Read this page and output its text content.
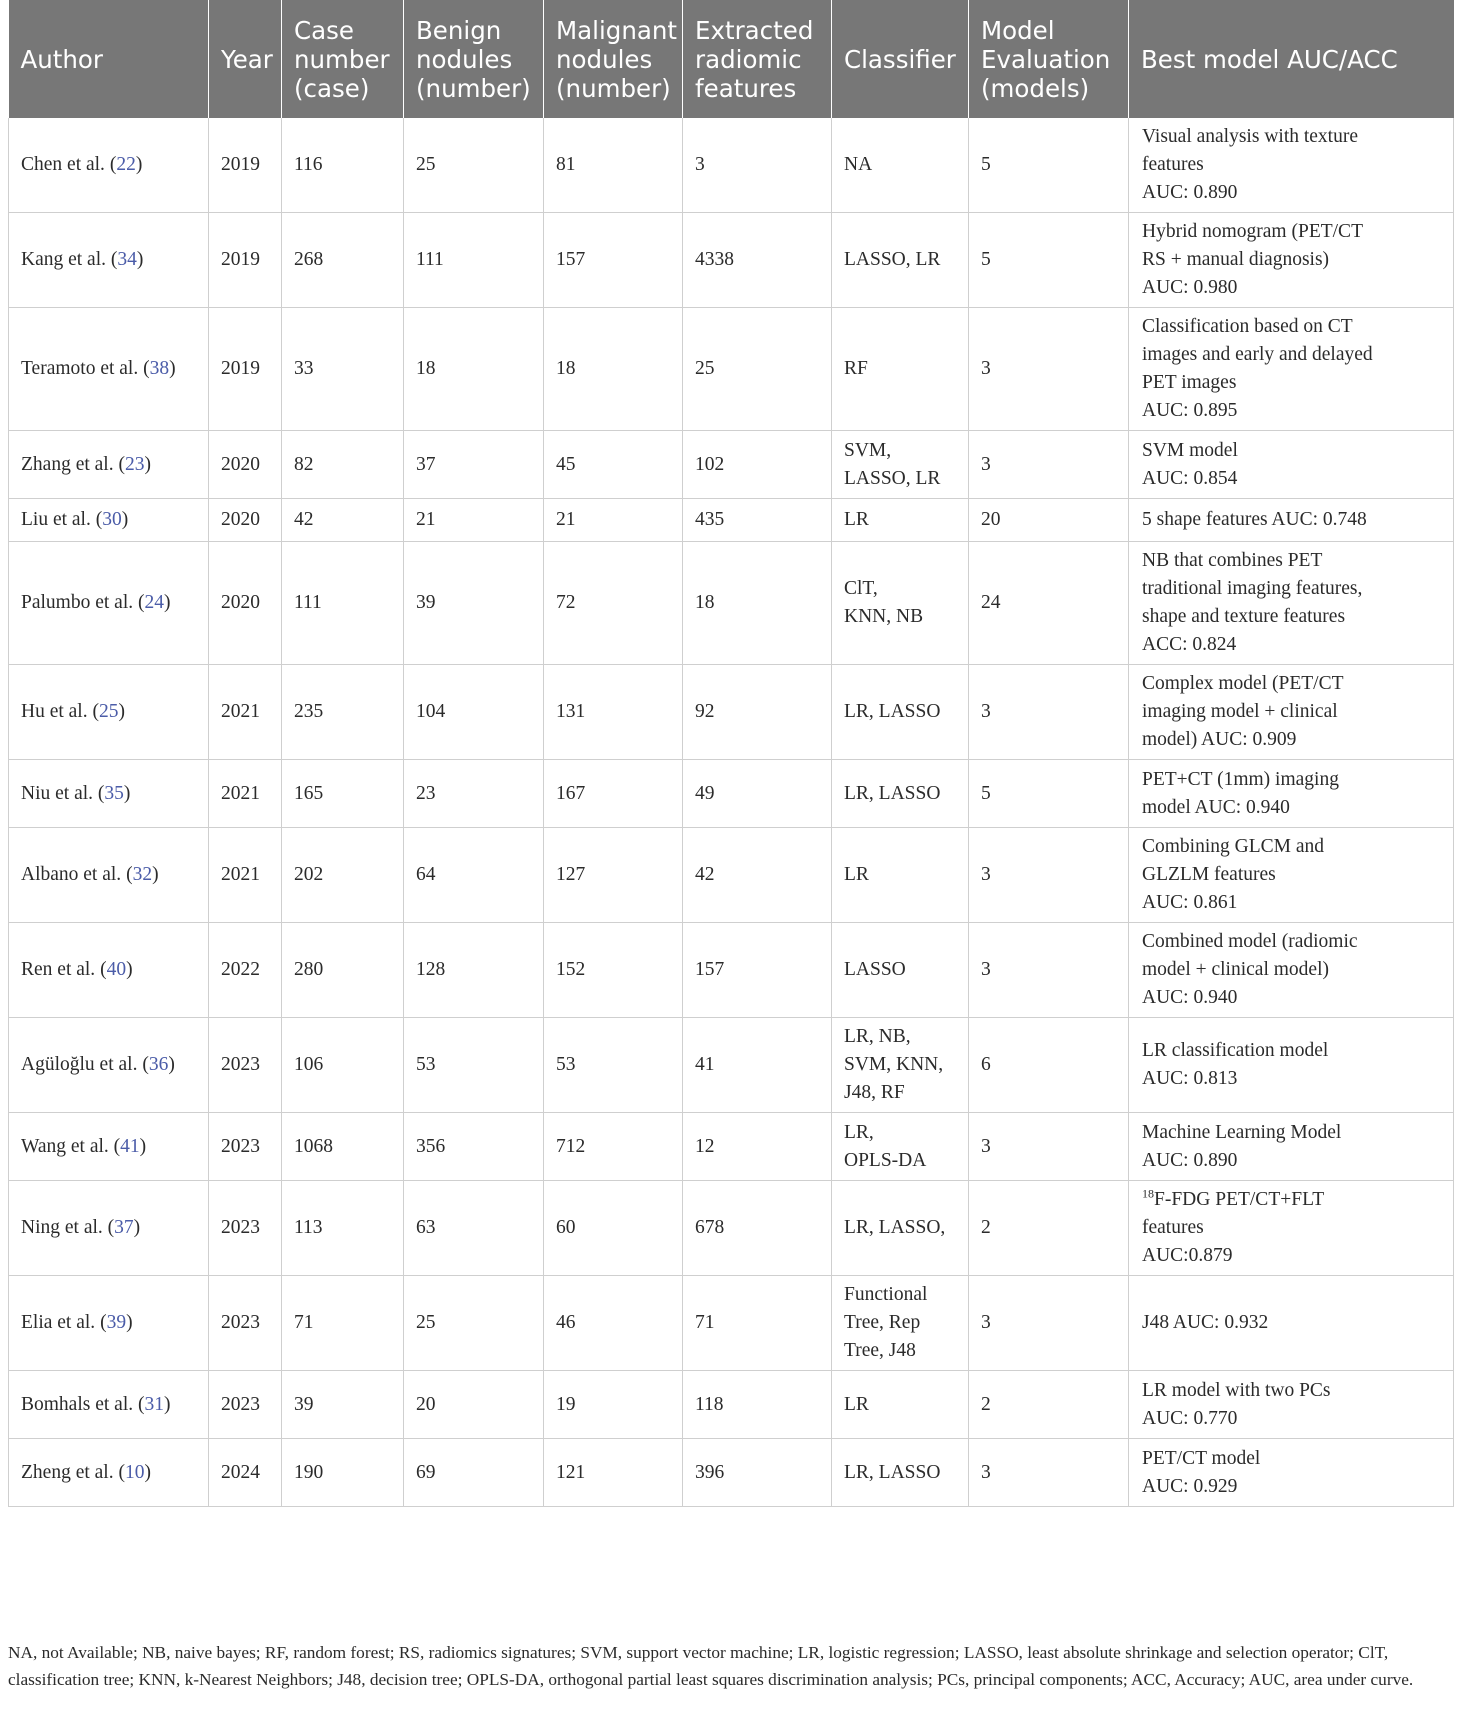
Author	Year	Case number (case)	Benign nodules (number)	Malignant nodules (number)	Extracted radiomic features	Classifier	Model Evaluation (models)	Best model AUC/ACC
Chen et al. (22)	2019	116	25	81	3	NA	5	Visual analysis with texture
features
AUC: 0.890
Kang et al. (34)	2019	268	111	157	4338	LASSO, LR	5	Hybrid nomogram (PET/CT
RS + manual diagnosis)
AUC: 0.980
Teramoto et al. (38)	2019	33	18	18	25	RF	3	Classification based on CT
images and early and delayed
PET images
AUC: 0.895
Zhang et al. (23)	2020	82	37	45	102	SVM,
LASSO, LR	3	SVM model
AUC: 0.854
Liu et al. (30)	2020	42	21	21	435	LR	20	5 shape features AUC: 0.748
Palumbo et al. (24)	2020	111	39	72	18	ClT,
KNN, NB	24	NB that combines PET
traditional imaging features,
shape and texture features
ACC: 0.824
Hu et al. (25)	2021	235	104	131	92	LR, LASSO	3	Complex model (PET/CT
imaging model + clinical
model) AUC: 0.909
Niu et al. (35)	2021	165	23	167	49	LR, LASSO	5	PET+CT (1mm) imaging
model AUC: 0.940
Albano et al. (32)	2021	202	64	127	42	LR	3	Combining GLCM and
GLZLM features
AUC: 0.861
Ren et al. (40)	2022	280	128	152	157	LASSO	3	Combined model (radiomic
model + clinical model)
AUC: 0.940
Agüloğlu et al. (36)	2023	106	53	53	41	LR, NB,
SVM, KNN,
J48, RF	6	LR classification model
AUC: 0.813
Wang et al. (41)	2023	1068	356	712	12	LR,
OPLS-DA	3	Machine Learning Model
AUC: 0.890
Ning et al. (37)	2023	113	63	60	678	LR, LASSO,	2	$^{18}$F-FDG PET/CT+FLT
features
AUC:0.879
Elia et al. (39)	2023	71	25	46	71	Functional
Tree, Rep
Tree, J48	3	J48 AUC: 0.932
Bomhals et al. (31)	2023	39	20	19	118	LR	2	LR model with two PCs
AUC: 0.770
Zheng et al. (10)	2024	190	69	121	396	LR, LASSO	3	PET/CT model
AUC: 0.929
NA, not Available; NB, naive bayes; RF, random forest; RS, radiomics signatures; SVM, support vector machine; LR, logistic regression; LASSO, least absolute shrinkage and selection operator; ClT, classification tree; KNN, k-Nearest Neighbors; J48, decision tree; OPLS-DA, orthogonal partial least squares discrimination analysis; PCs, principal components; ACC, Accuracy; AUC, area under curve.
